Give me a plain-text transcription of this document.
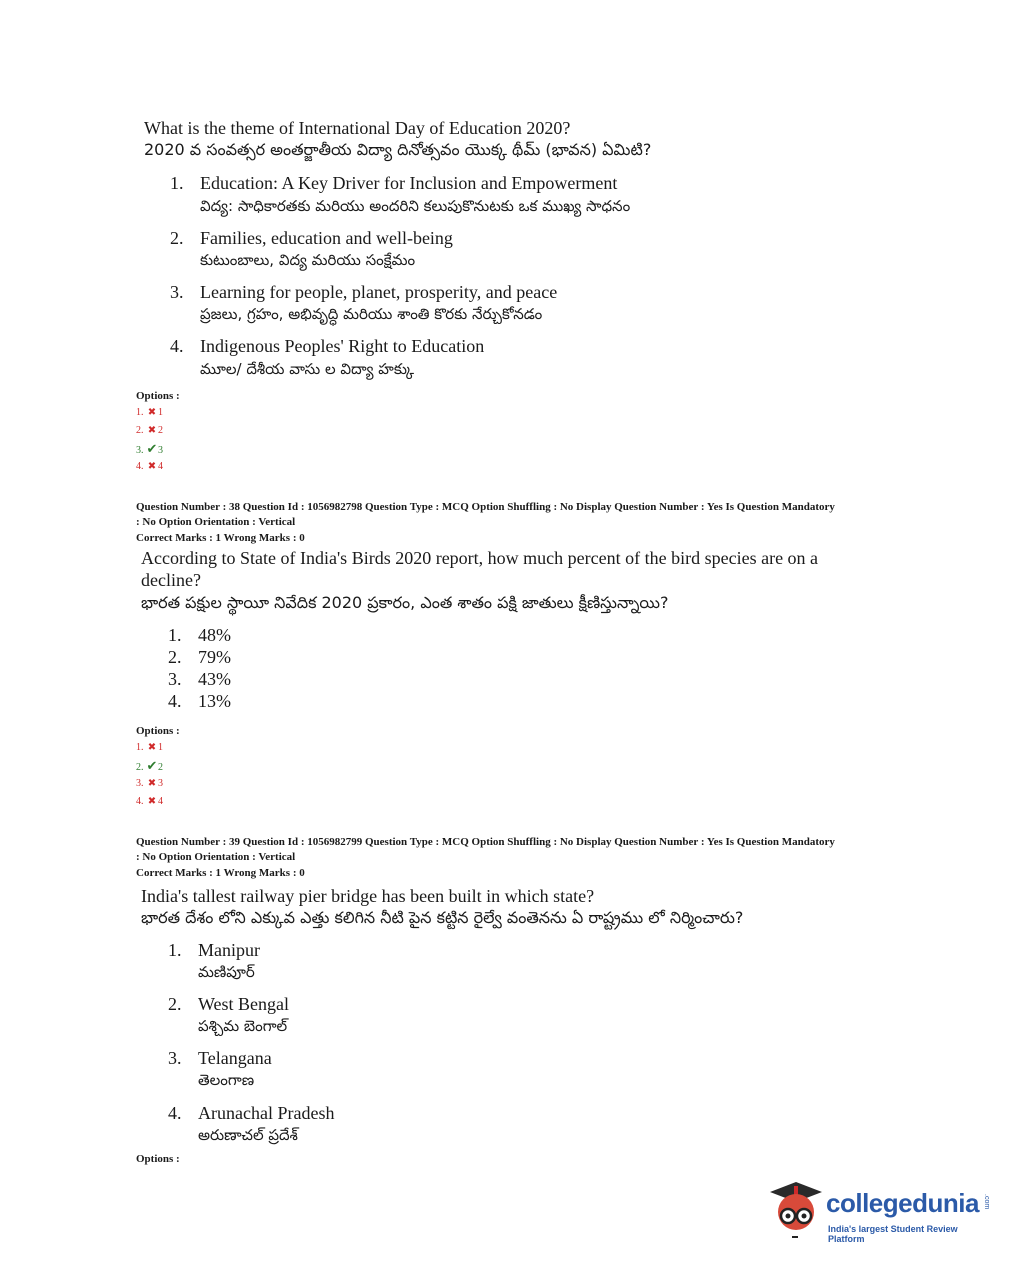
What is the theme of International Day of Education 2020?
2020 వ సంవత్సర అంతర్జాతీయ విద్యా దినోత్సవం యొక్క థీమ్ (భావన) ఏమిటి?
1. Education: A Key Driver for Inclusion and Empowerment
విద్య: సాధికారతకు మరియు అందరిని కలుపుకొనుటకు ఒక ముఖ్య సాధనం
2. Families, education and well-being
కుటుంబాలు, విద్య మరియు సంక్షేమం
3. Learning for people, planet, prosperity, and peace
ప్రజలు, గ్రహం, అభివృద్ధి మరియు శాంతి కొరకు నేర్చుకోనడం
4. Indigenous Peoples' Right to Education
మూల/ దేశీయ వాసు ల విద్యా హక్కు
Options :
1. ✖ 1
2. ✖ 2
3. ✔3
4. ✖ 4
Question Number : 38 Question Id : 1056982798 Question Type : MCQ Option Shuffling : No Display Question Number : Yes Is Question Mandatory
: No Option Orientation : Vertical
Correct Marks : 1 Wrong Marks : 0
According to State of India's Birds 2020 report, how much percent of the bird species are on a
decline?
భారత పక్షుల స్థాయీ నివేదిక 2020 ప్రకారం, ఎంత శాతం పక్షి జాతులు క్షీణిస్తున్నాయి?
1. 48%
2. 79%
3. 43%
4. 13%
Options :
1. ✖ 1
2. ✔2
3. ✖ 3
4. ✖ 4
Question Number : 39 Question Id : 1056982799 Question Type : MCQ Option Shuffling : No Display Question Number : Yes Is Question Mandatory
: No Option Orientation : Vertical
Correct Marks : 1 Wrong Marks : 0
India's tallest railway pier bridge has been built in which state?
భారత దేశం లోని ఎక్కువ ఎత్తు కలిగిన నీటి పైన కట్టిన రైల్వే వంతెనను ఏ రాష్ట్రము లో నిర్మించారు?
1. Manipur
మణిపూర్
2. West Bengal
పశ్చిమ బెంగాల్
3. Telangana
తెలంగాణ
4. Arunachal Pradesh
అరుణాచల్ ప్రదేశ్
Options :
collegedunia .com
India's largest Student Review Platform
